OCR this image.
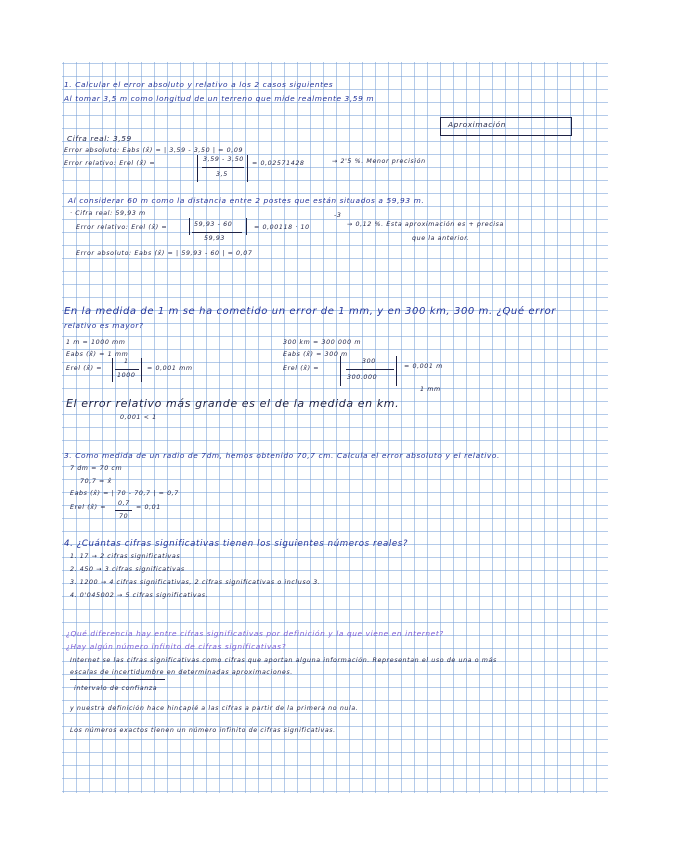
1. Calcular el error absoluto y relativo a los 2 casos siguientes
Al tomar 3,5 m como longitud de un terreno que mide realmente 3,59 m
Aproximación
Cifra real: 3,59
Error absoluto: Eabs (x̂) = | 3,59 - 3,50 | = 0,09
Error relativo: Erel (x̂) =
3,59 - 3,50
3,5
= 0,02571428	→ 2'5 %. Menor precisión
Al considerar 60 m como la distancia entre 2 postes que están situados a 59,93 m.
· Cifra real: 59,93 m
Error relativo: Erel (x̂) =	59,93 - 60
59,93
= 0,00118 · 10
-3
→ 0,12 %. Esta aproximación es + precisa
que la anterior.
Error absoluto: Eabs (x̂) = | 59,93 - 60 | = 0,07
En la medida de 1 m se ha cometido un error de 1 mm, y en 300 km, 300 m. ¿Qué error
relativo es mayor?
1 m = 1000 mm
Eabs (x̂) = 1 mm
Erel (x̂) =
1
1000
= 0,001 mm
300 km = 300 000 m
Eabs (x̂) = 300 m
Erel (x̂) =
300
300.000
= 0,001 m
1 mm
El error relativo más grande es el de la medida en km.
0,001 < 1
3. Como medida de un radio de 7dm, hemos obtenido 70,7 cm. Calcula el error absoluto y el relativo.
7 dm = 70 cm
70,7 = x̂
Eabs (x̂) = | 70 - 70,7 | = 0,7
Erel (x̂) =
0,7
70
= 0,01
4. ¿Cuántas cifras significativas tienen los siguientes números reales?
1. 17 → 2 cifras significativas
2. 450 → 3 cifras significativas
3. 1200 → 4 cifras significativas, 2 cifras significativas o incluso 3.
4. 0'045002 → 5 cifras significativas.
¿Qué diferencia hay entre cifras significativas por definición y la que viene en internet?
¿Hay algún número infinito de cifras significativas?
Internet se las cifras significativas como cifras que aportan alguna información. Representan el uso de una o más
escalas de incertidumbre en determinadas aproximaciones.
intervalo de confianza
y nuestra definición hace hincapié a las cifras a partir de la primera no nula.
Los números exactos tienen un número infinito de cifras significativas.
